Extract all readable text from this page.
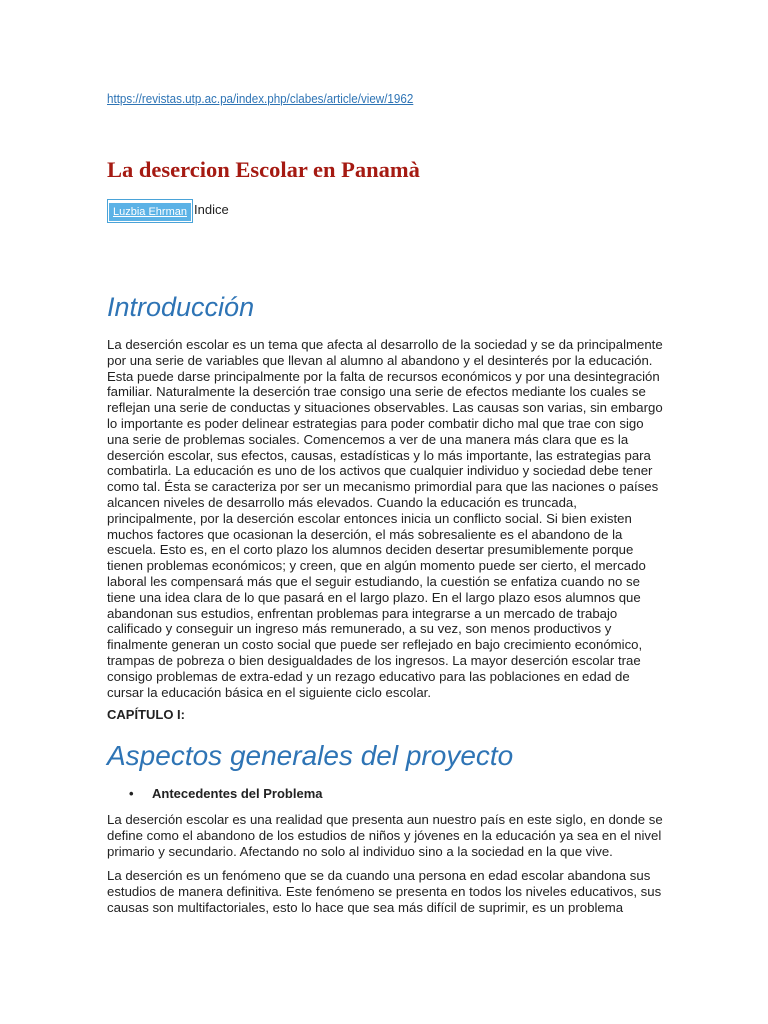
https://revistas.utp.ac.pa/index.php/clabes/article/view/1962
La desercion Escolar en Panamà
Luzbia Ehrman Indice
Introducción

La deserción escolar es un tema que afecta al desarrollo de la sociedad y se da principalmente por una serie de variables que llevan al alumno al abandono y el desinterés por la educación. Esta puede darse principalmente por la falta de recursos económicos y por una desintegración familiar. Naturalmente la deserción trae consigo una serie de efectos mediante los cuales se reflejan una serie de conductas y situaciones observables. Las causas son varias, sin embargo lo importante es poder delinear estrategias para poder combatir dicho mal que trae con sigo una serie de problemas sociales. Comencemos a ver de una manera más clara que es la deserción escolar, sus efectos, causas, estadísticas y lo más importante, las estrategias para combatirla. La educación es uno de los activos que cualquier individuo y sociedad debe tener como tal. Ésta se caracteriza por ser un mecanismo primordial para que las naciones o países alcancen niveles de desarrollo más elevados. Cuando la educación es truncada, principalmente, por la deserción escolar entonces inicia un conflicto social. Si bien existen muchos factores que ocasionan la deserción, el más sobresaliente es el abandono de la escuela. Esto es, en el corto plazo los alumnos deciden desertar presumiblemente porque tienen problemas económicos; y creen, que en algún momento puede ser cierto, el mercado laboral les compensará más que el seguir estudiando, la cuestión se enfatiza cuando no se tiene una idea clara de lo que pasará en el largo plazo. En el largo plazo esos alumnos que abandonan sus estudios, enfrentan problemas para integrarse a un mercado de trabajo calificado y conseguir un ingreso más remunerado, a su vez, son menos productivos y finalmente generan un costo social que puede ser reflejado en bajo crecimiento económico, trampas de pobreza o bien desigualdades de los ingresos. La mayor deserción escolar trae consigo problemas de extra-edad y un rezago educativo para las poblaciones en edad de cursar la educación básica en el siguiente ciclo escolar.

CAPÍTULO I:

Aspectos generales del proyecto
• Antecedentes del Problema

La deserción escolar es una realidad que presenta aun nuestro país en este siglo, en donde se define como el abandono de los estudios de niños y jóvenes en la educación ya sea en el nivel primario y secundario. Afectando no solo al individuo sino a la sociedad en la que vive.

La deserción es un fenómeno que se da cuando una persona en edad escolar abandona sus estudios de manera definitiva. Este fenómeno se presenta en todos los niveles educativos, sus causas son multifactoriales, esto lo hace que sea más difícil de suprimir, es un problema
